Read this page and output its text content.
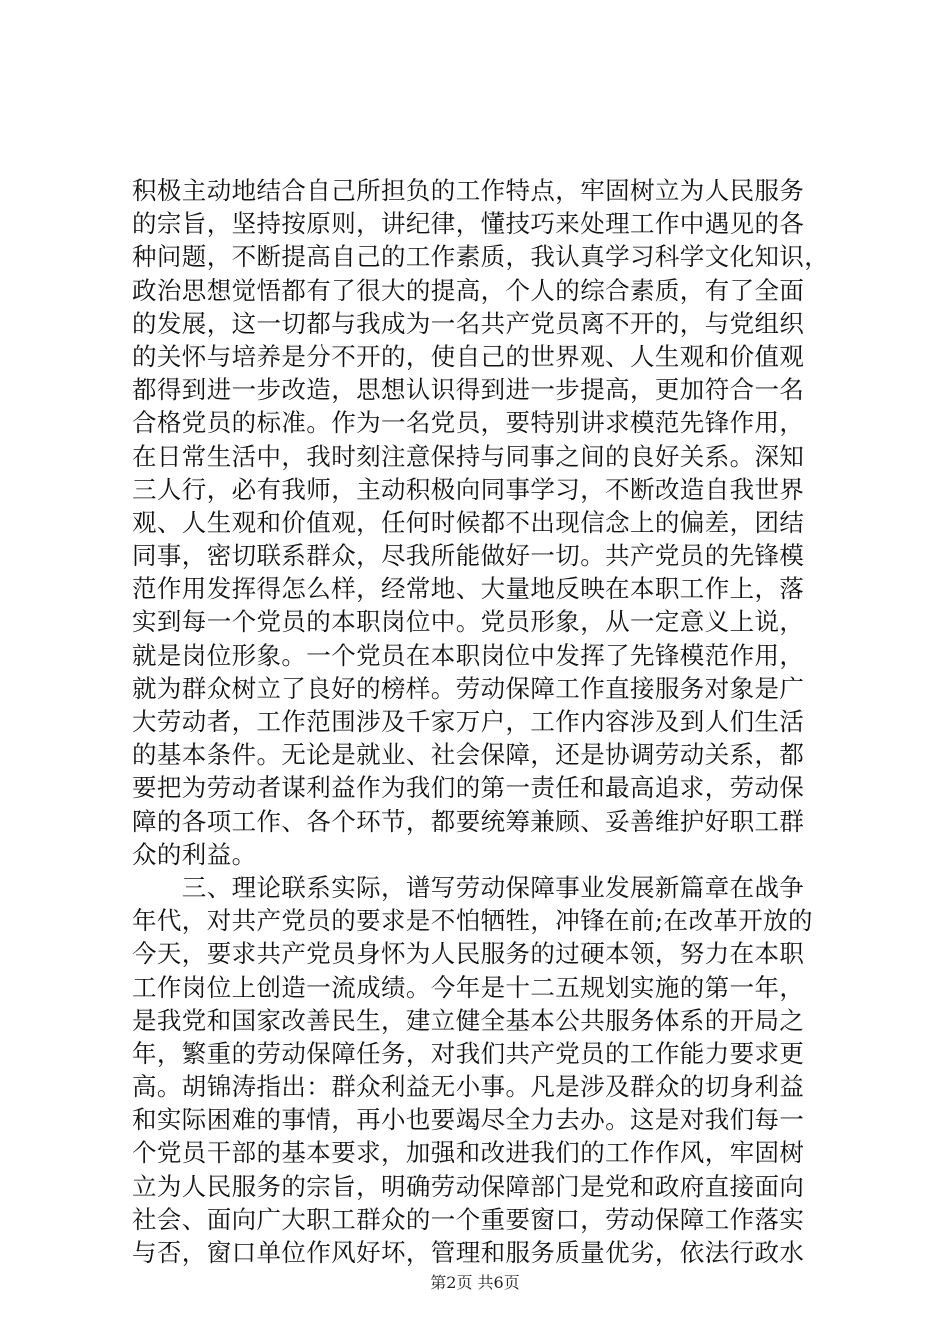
积极主动地结合自己所担负的工作特点，牢固树立为人民服务
的宗旨，坚持按原则，讲纪律，懂技巧来处理工作中遇见的各
种问题，不断提高自己的工作素质，我认真学习科学文化知识，
政治思想觉悟都有了很大的提高，个人的综合素质，有了全面
的发展，这一切都与我成为一名共产党员离不开的，与党组织
的关怀与培养是分不开的，使自己的世界观、人生观和价值观
都得到进一步改造，思想认识得到进一步提高，更加符合一名
合格党员的标准。作为一名党员，要特别讲求模范先锋作用，
在日常生活中，我时刻注意保持与同事之间的良好关系。深知
三人行，必有我师，主动积极向同事学习，不断改造自我世界
观、人生观和价值观，任何时候都不出现信念上的偏差，团结
同事，密切联系群众，尽我所能做好一切。共产党员的先锋模
范作用发挥得怎么样，经常地、大量地反映在本职工作上，落
实到每一个党员的本职岗位中。党员形象，从一定意义上说，
就是岗位形象。一个党员在本职岗位中发挥了先锋模范作用，
就为群众树立了良好的榜样。劳动保障工作直接服务对象是广
大劳动者，工作范围涉及千家万户，工作内容涉及到人们生活
的基本条件。无论是就业、社会保障，还是协调劳动关系，都
要把为劳动者谋利益作为我们的第一责任和最高追求，劳动保
障的各项工作、各个环节，都要统筹兼顾、妥善维护好职工群
众的利益。
　　三、理论联系实际，谱写劳动保障事业发展新篇章在战争
年代，对共产党员的要求是不怕牺牲，冲锋在前;在改革开放的
今天，要求共产党员身怀为人民服务的过硬本领，努力在本职
工作岗位上创造一流成绩。今年是十二五规划实施的第一年，
是我党和国家改善民生，建立健全基本公共服务体系的开局之
年，繁重的劳动保障任务，对我们共产党员的工作能力要求更
高。胡锦涛指出：群众利益无小事。凡是涉及群众的切身利益
和实际困难的事情，再小也要竭尽全力去办。这是对我们每一
个党员干部的基本要求，加强和改进我们的工作作风，牢固树
立为人民服务的宗旨，明确劳动保障部门是党和政府直接面向
社会、面向广大职工群众的一个重要窗口，劳动保障工作落实
与否，窗口单位作风好坏，管理和服务质量优劣，依法行政水
第2页 共6页
